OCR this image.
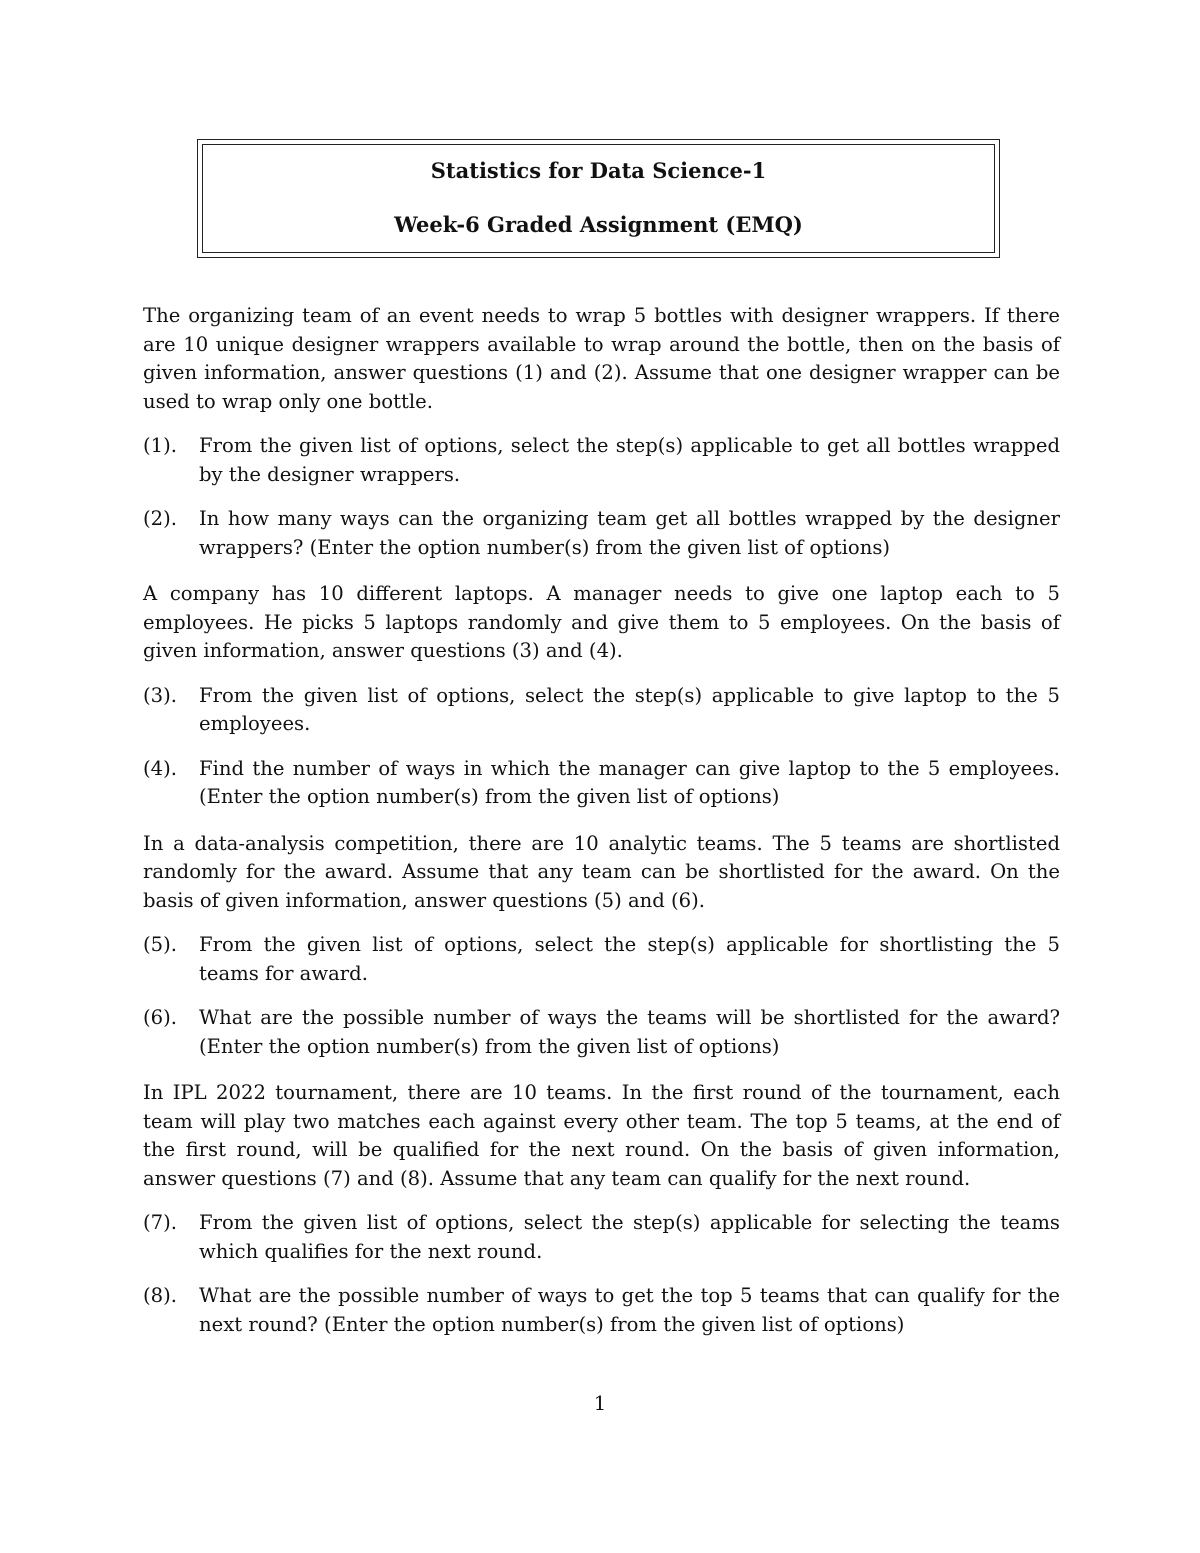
Statistics for Data Science-1

Week-6 Graded Assignment (EMQ)

The organizing team of an event needs to wrap 5 bottles with designer wrappers. If there are 10 unique designer wrappers available to wrap around the bottle, then on the basis of given information, answer questions (1) and (2). Assume that one designer wrapper can be used to wrap only one bottle.

(1).	From the given list of options, select the step(s) applicable to get all bottles wrapped by the designer wrappers.
(2).	In how many ways can the organizing team get all bottles wrapped by the designer wrappers? (Enter the option number(s) from the given list of options)

A company has 10 different laptops. A manager needs to give one laptop each to 5 employees. He picks 5 laptops randomly and give them to 5 employees. On the basis of given information, answer questions (3) and (4).

(3).	From the given list of options, select the step(s) applicable to give laptop to the 5 employees.
(4).	Find the number of ways in which the manager can give laptop to the 5 employees. (Enter the option number(s) from the given list of options)

In a data-analysis competition, there are 10 analytic teams. The 5 teams are shortlisted randomly for the award. Assume that any team can be shortlisted for the award. On the basis of given information, answer questions (5) and (6).

(5).	From the given list of options, select the step(s) applicable for shortlisting the 5 teams for award.
(6).	What are the possible number of ways the teams will be shortlisted for the award? (Enter the option number(s) from the given list of options)

In IPL 2022 tournament, there are 10 teams. In the first round of the tournament, each team will play two matches each against every other team. The top 5 teams, at the end of the first round, will be qualified for the next round. On the basis of given information, answer questions (7) and (8). Assume that any team can qualify for the next round.

(7).	From the given list of options, select the step(s) applicable for selecting the teams which qualifies for the next round.
(8).	What are the possible number of ways to get the top 5 teams that can qualify for the next round? (Enter the option number(s) from the given list of options)
1
